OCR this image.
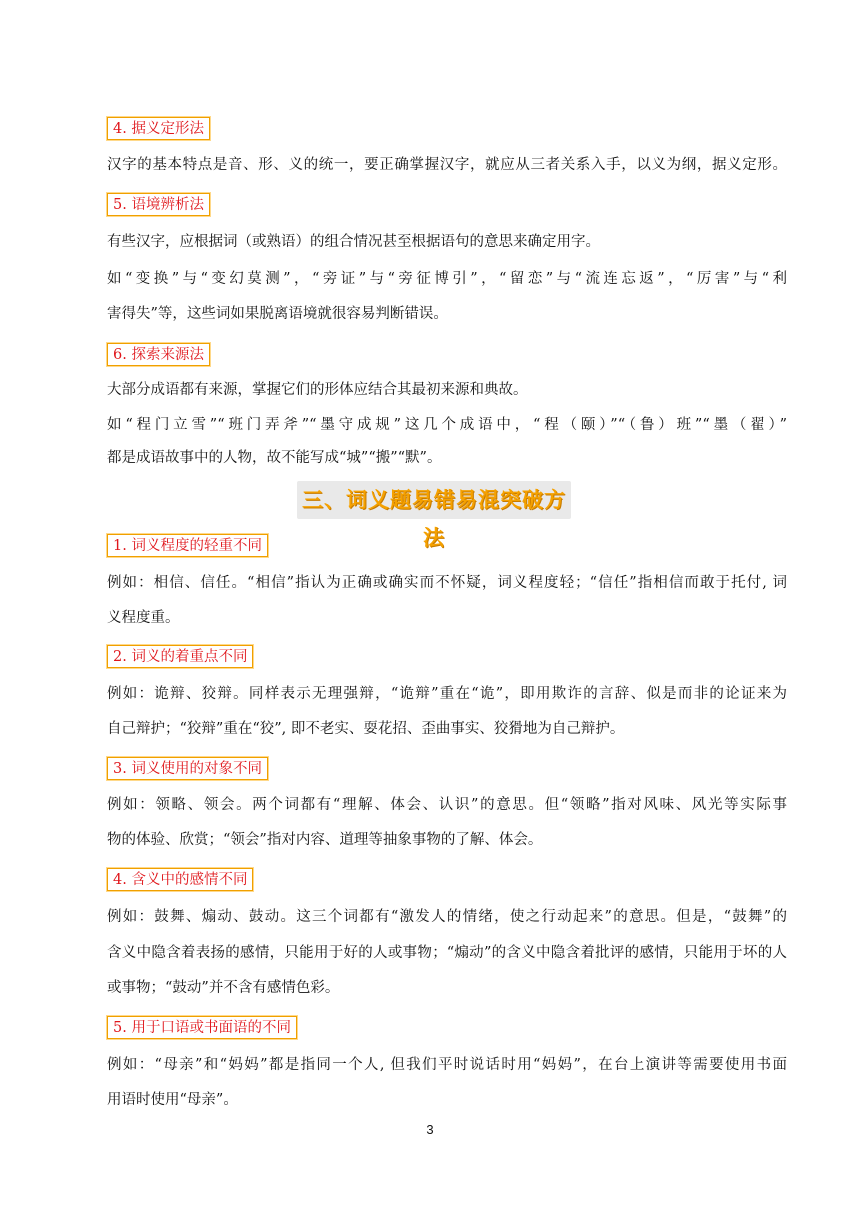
4. 据义定形法
汉字的基本特点是音、形、义的统一，要正确掌握汉字，就应从三者关系入手，以义为纲，据义定形。
5. 语境辨析法
有些汉字，应根据词（或熟语）的组合情况甚至根据语句的意思来确定用字。
如“变换”与“变幻莫测”，“旁证”与“旁征博引”，“留恋”与“流连忘返”，“厉害”与“利
害得失”等，这些词如果脱离语境就很容易判断错误。
6. 探索来源法
大部分成语都有来源，掌握它们的形体应结合其最初来源和典故。
如“程门立雪”“班门弄斧”“墨守成规”这几个成语中，“程（颐）”“（鲁）班”“墨（翟）”
都是成语故事中的人物，故不能写成“城”“搬”“默”。
三、词义题易错易混突破方法
1. 词义程度的轻重不同
例如：相信、信任。“相信”指认为正确或确实而不怀疑，词义程度轻；“信任”指相信而敢于托付, 词
义程度重。
2. 词义的着重点不同
例如：诡辩、狡辩。同样表示无理强辩，“诡辩”重在“诡”，即用欺诈的言辞、似是而非的论证来为
自己辩护；“狡辩”重在“狡”, 即不老实、耍花招、歪曲事实、狡猾地为自己辩护。
3. 词义使用的对象不同
例如：领略、领会。两个词都有“理解、体会、认识”的意思。但“领略”指对风味、风光等实际事
物的体验、欣赏；“领会”指对内容、道理等抽象事物的了解、体会。
4. 含义中的感情不同
例如：鼓舞、煽动、鼓动。这三个词都有“激发人的情绪，使之行动起来”的意思。但是，“鼓舞”的
含义中隐含着表扬的感情，只能用于好的人或事物；“煽动”的含义中隐含着批评的感情，只能用于坏的人
或事物；“鼓动”并不含有感情色彩。
5. 用于口语或书面语的不同
例如：“母亲”和“妈妈”都是指同一个人, 但我们平时说话时用“妈妈”，在台上演讲等需要使用书面
用语时使用“母亲”。
3
